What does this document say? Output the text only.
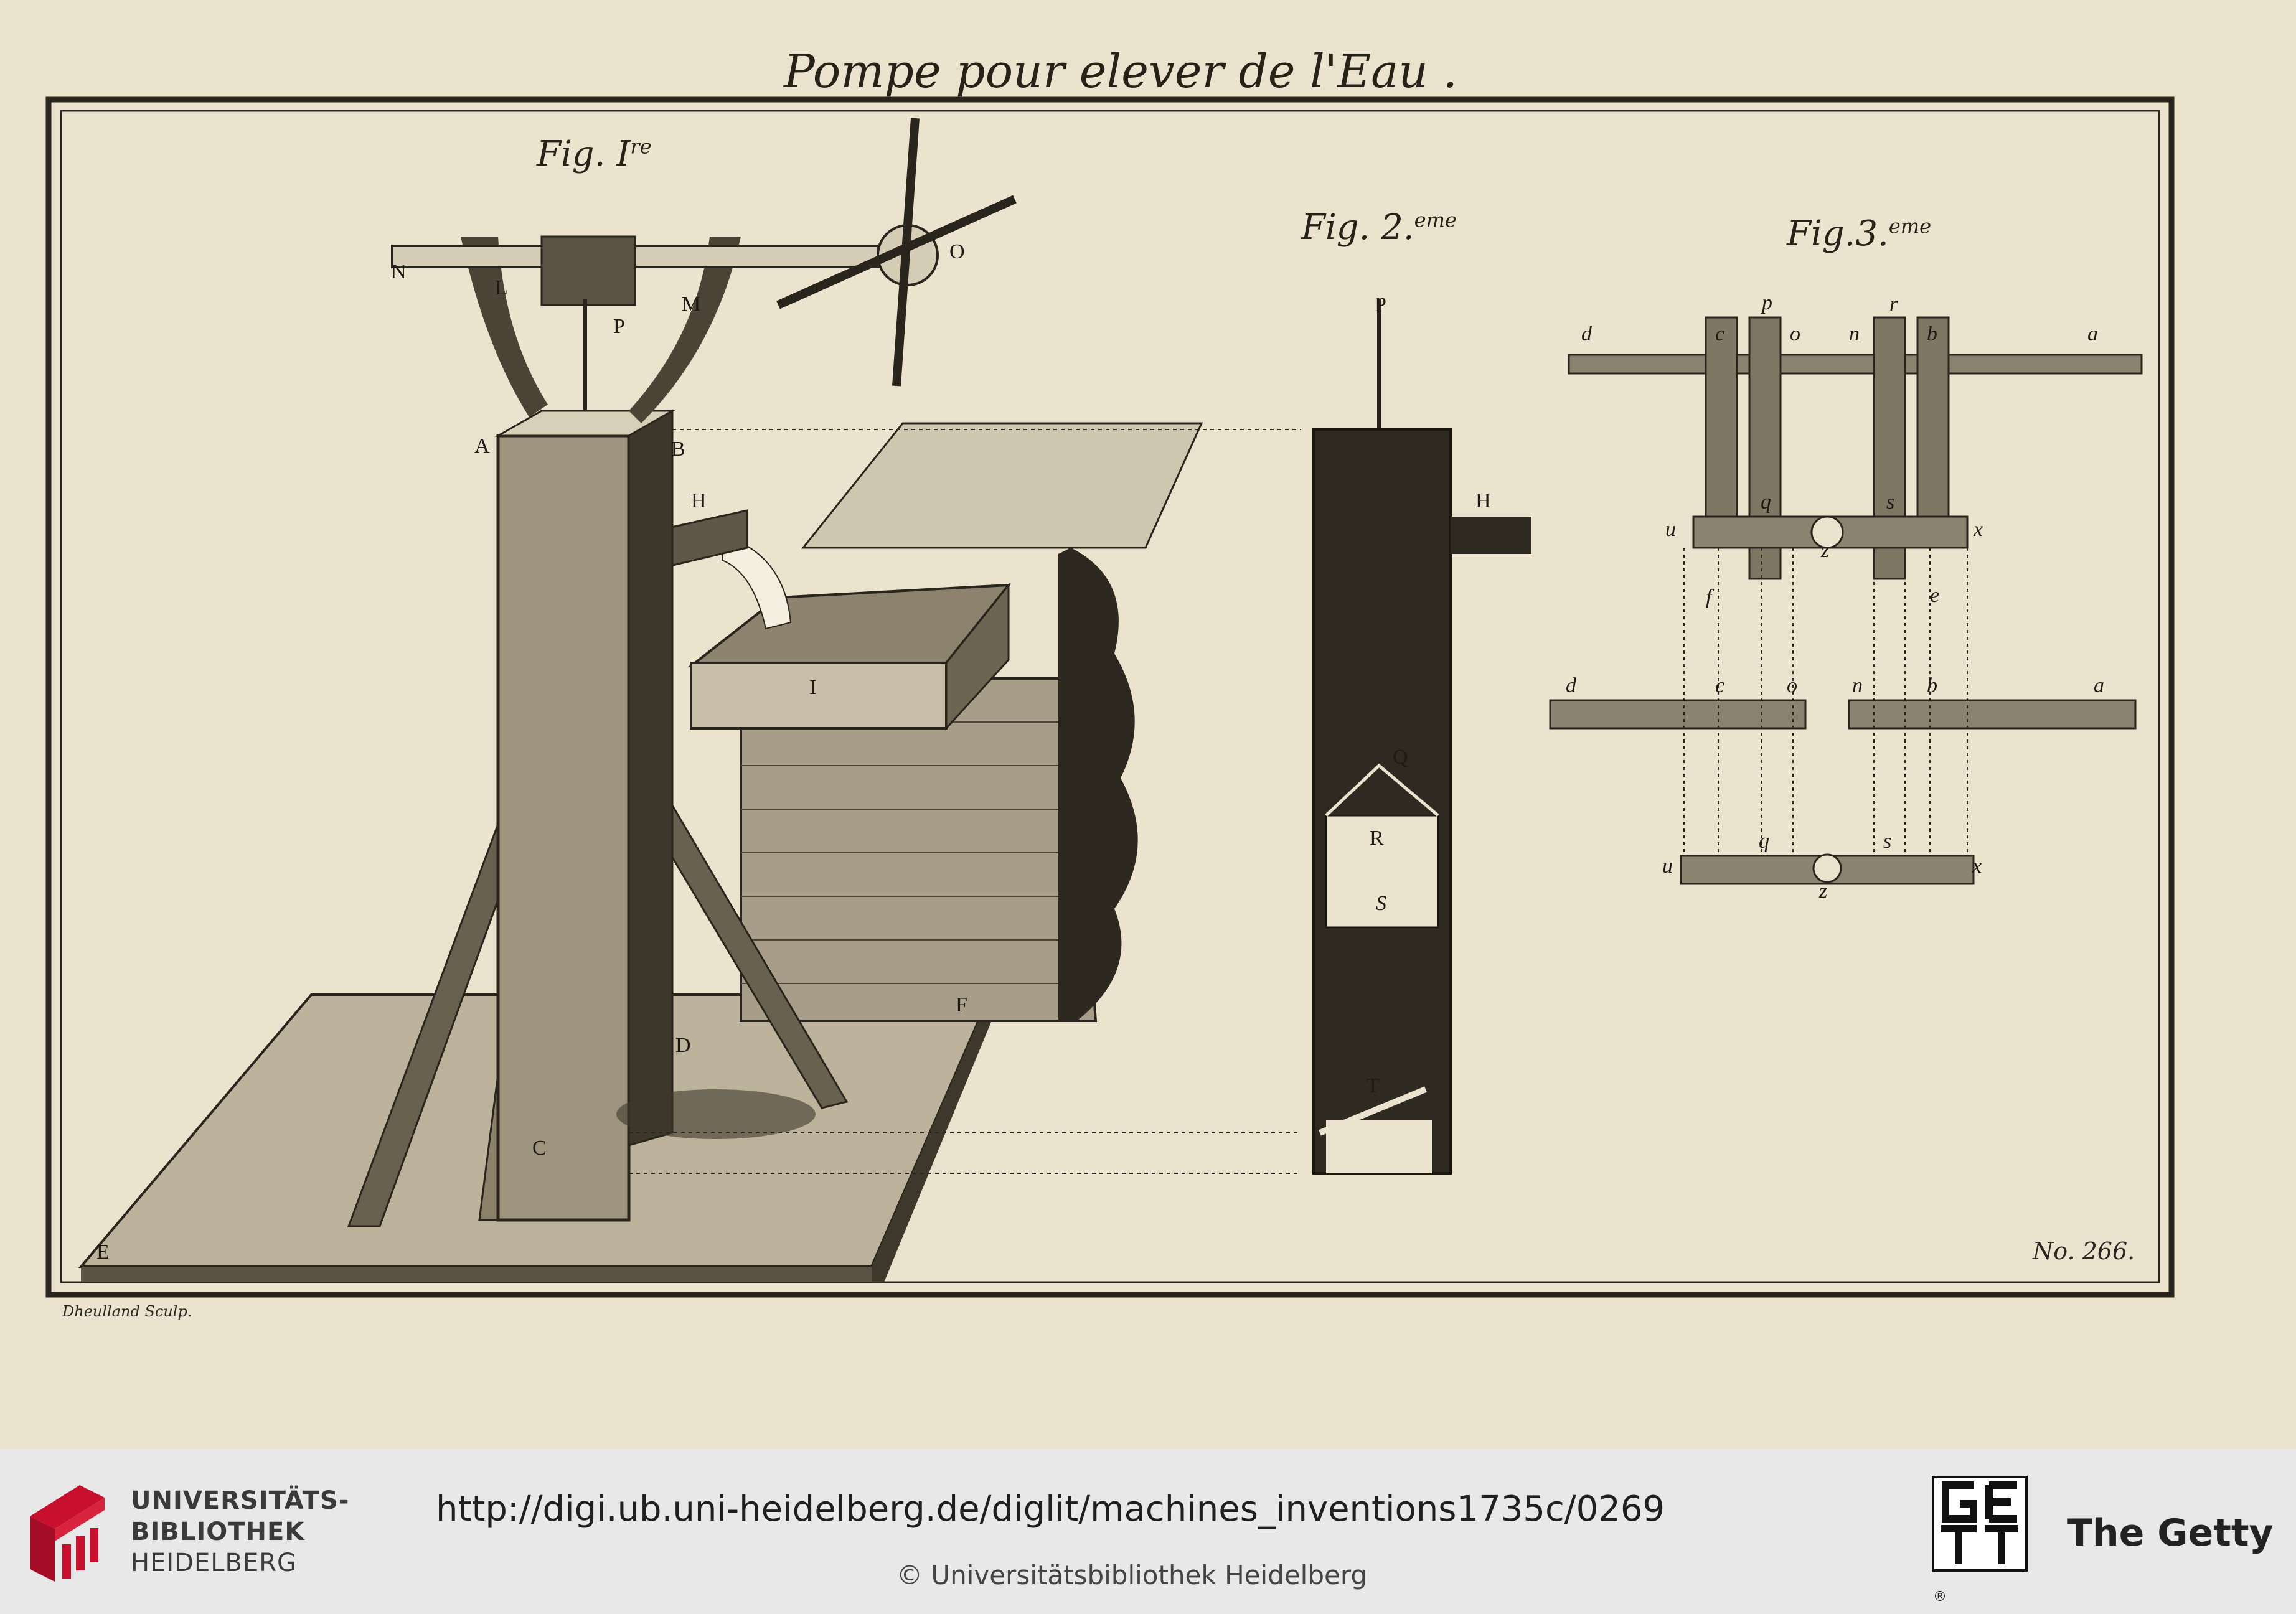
Pompe pour elever de l'Eau .
Fig. Ire
Fig. 2.$^{eme}$	Fig.3.$^{eme}$
N
L
P
M
O
A	B
H
I
F
D
C
E
P
H
Q
R
S
T
p	r
d	c	o n	b	a
q	s
u
z
x
f	e
d	c	o	n	b	a
q	s
u
z
x
Dheulland Sculp.
No. 266.
UNIVERSITÄTS-
BIBLIOTHEK
HEIDELBERG
http://digi.ub.uni-heidelberg.de/diglit/machines_inventions1735c/0269
© Universitätsbibliothek Heidelberg
®
The Getty
